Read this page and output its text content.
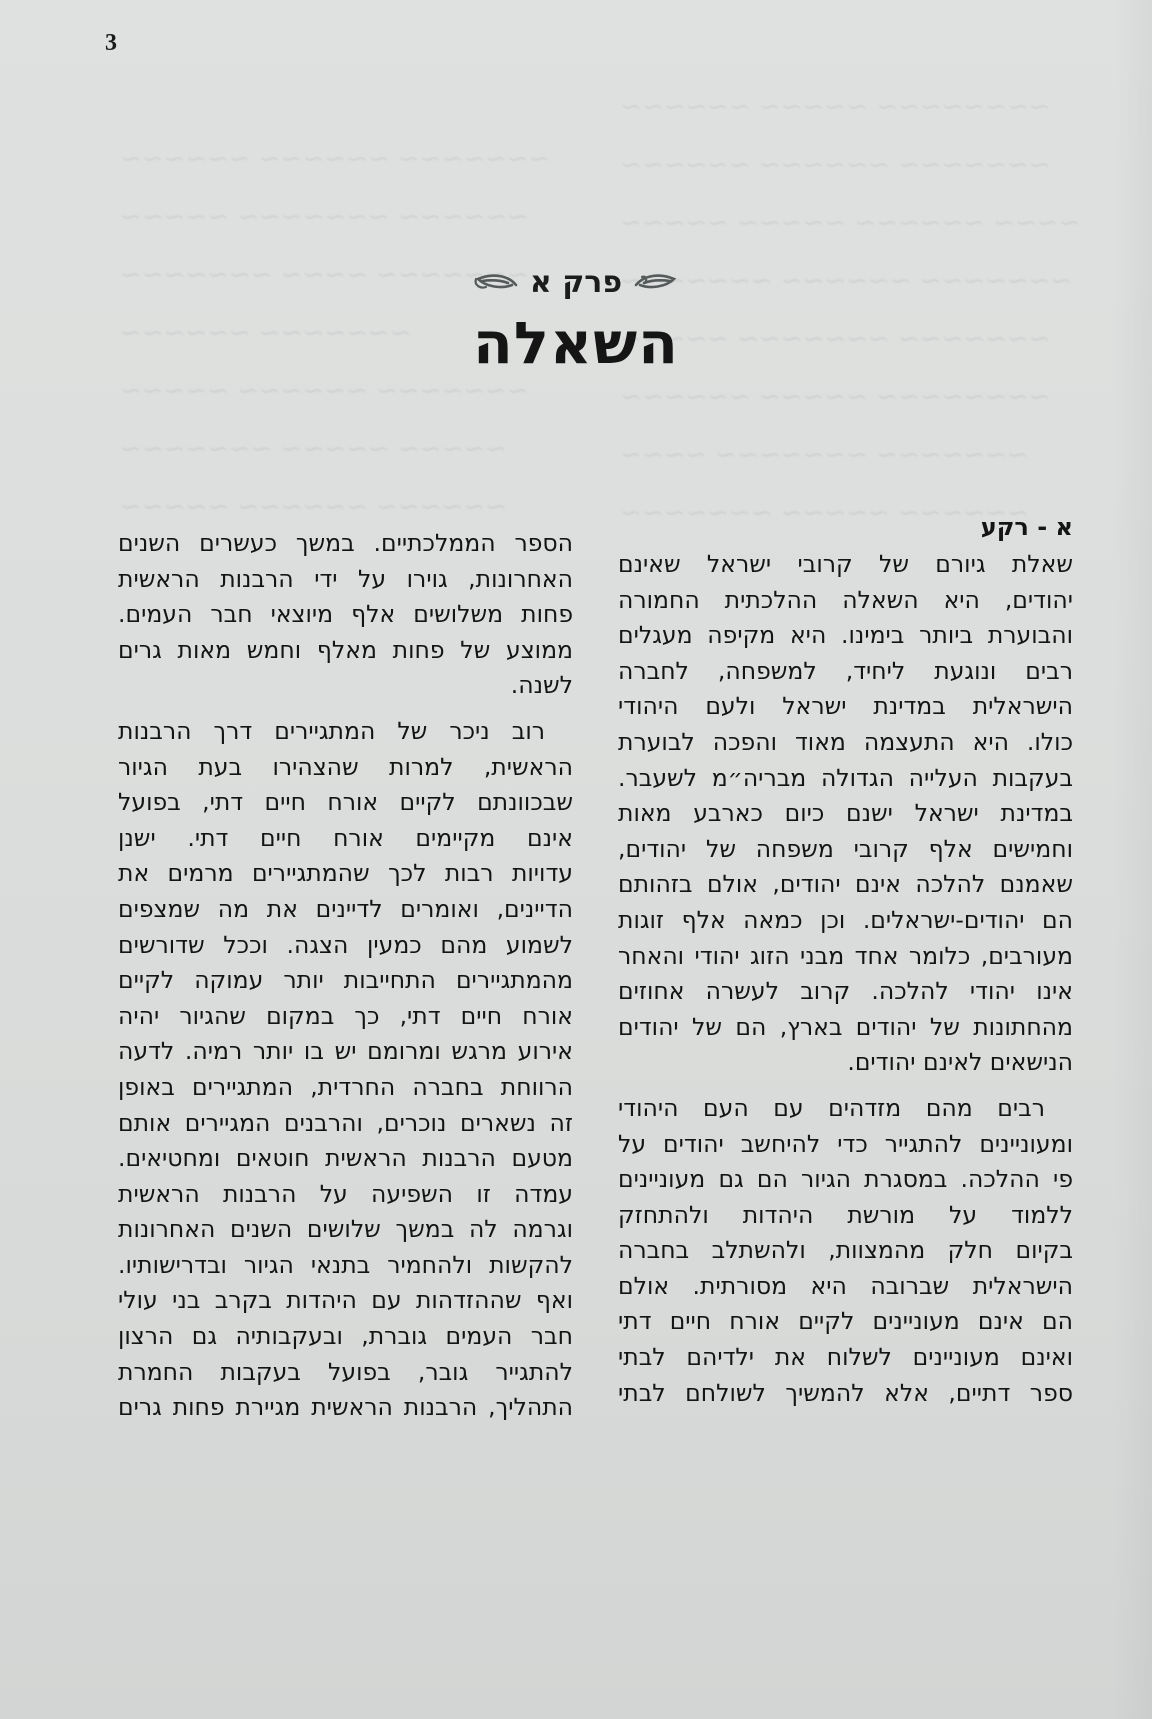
~~~~~~ ~~~~~ ~~~~~~~~
~~~~~~ ~~~~~~ ~~~~~~~
~~~~~ ~~~~~ ~~~~~~ ~~~~
~~~~~~~ ~~~~~~ ~~~~~~~
~~~~~ ~~~~~~~ ~~~~~~~
~~~~~~ ~~~~~ ~~~~~~~~
~~~~ ~~~~~~~ ~~~~~~~
~~~~~~~ ~~~~~ ~~~~~~
~~~~~~ ~~~~~~ ~~~~~~~
~~~~~ ~~~~~~~ ~~~~~~
~~~~~~~ ~~~~ ~~~~~~~
~~~~~~ ~~~~~~~
~~~~~ ~~~~~~ ~~~~~~~
~~~~~~~ ~~~~~ ~~~~~
~~~~~ ~~~~~~ ~~~~~~
3
פרק א
השאלה
א - רקע
שאלת גיורם של קרובי ישראל שאינם
יהודים, היא השאלה ההלכתית החמורה
והבוערת ביותר בימינו. היא מקיפה מעגלים
רבים ונוגעת ליחיד, למשפחה, לחברה
הישראלית במדינת ישראל ולעם היהודי
כולו. היא התעצמה מאוד והפכה לבוערת
בעקבות העלייה הגדולה מבריה״מ לשעבר.
במדינת ישראל ישנם כיום כארבע מאות
וחמישים אלף קרובי משפחה של יהודים,
שאמנם להלכה אינם יהודים, אולם בזהותם
הם יהודים-ישראלים. וכן כמאה אלף זוגות
מעורבים, כלומר אחד מבני הזוג יהודי והאחר
אינו יהודי להלכה. קרוב לעשרה אחוזים
מהחתונות של יהודים בארץ, הם של יהודים
הנישאים לאינם יהודים.
רבים מהם מזדהים עם העם היהודי
ומעוניינים להתגייר כדי להיחשב יהודים על
פי ההלכה. במסגרת הגיור הם גם מעוניינים
ללמוד על מורשת היהדות ולהתחזק
בקיום חלק מהמצוות, ולהשתלב בחברה
הישראלית שברובה היא מסורתית. אולם
הם אינם מעוניינים לקיים אורח חיים דתי
ואינם מעוניינים לשלוח את ילדיהם לבתי
ספר דתיים, אלא להמשיך לשולחם לבתי
הספר הממלכתיים. במשך כעשרים השנים
האחרונות, גוירו על ידי הרבנות הראשית
פחות משלושים אלף מיוצאי חבר העמים.
ממוצע של פחות מאלף וחמש מאות גרים
לשנה.
רוב ניכר של המתגיירים דרך הרבנות
הראשית, למרות שהצהירו בעת הגיור
שבכוונתם לקיים אורח חיים דתי, בפועל
אינם מקיימים אורח חיים דתי. ישנן
עדויות רבות לכך שהמתגיירים מרמים את
הדיינים, ואומרים לדיינים את מה שמצפים
לשמוע מהם כמעין הצגה. וככל שדורשים
מהמתגיירים התחייבות יותר עמוקה לקיים
אורח חיים דתי, כך במקום שהגיור יהיה
אירוע מרגש ומרומם יש בו יותר רמיה. לדעה
הרווחת בחברה החרדית, המתגיירים באופן
זה נשארים נוכרים, והרבנים המגיירים אותם
מטעם הרבנות הראשית חוטאים ומחטיאים.
עמדה זו השפיעה על הרבנות הראשית
וגרמה לה במשך שלושים השנים האחרונות
להקשות ולהחמיר בתנאי הגיור ובדרישותיו.
ואף שההזדהות עם היהדות בקרב בני עולי
חבר העמים גוברת, ובעקבותיה גם הרצון
להתגייר גובר, בפועל בעקבות החמרת
התהליך, הרבנות הראשית מגיירת פחות גרים
